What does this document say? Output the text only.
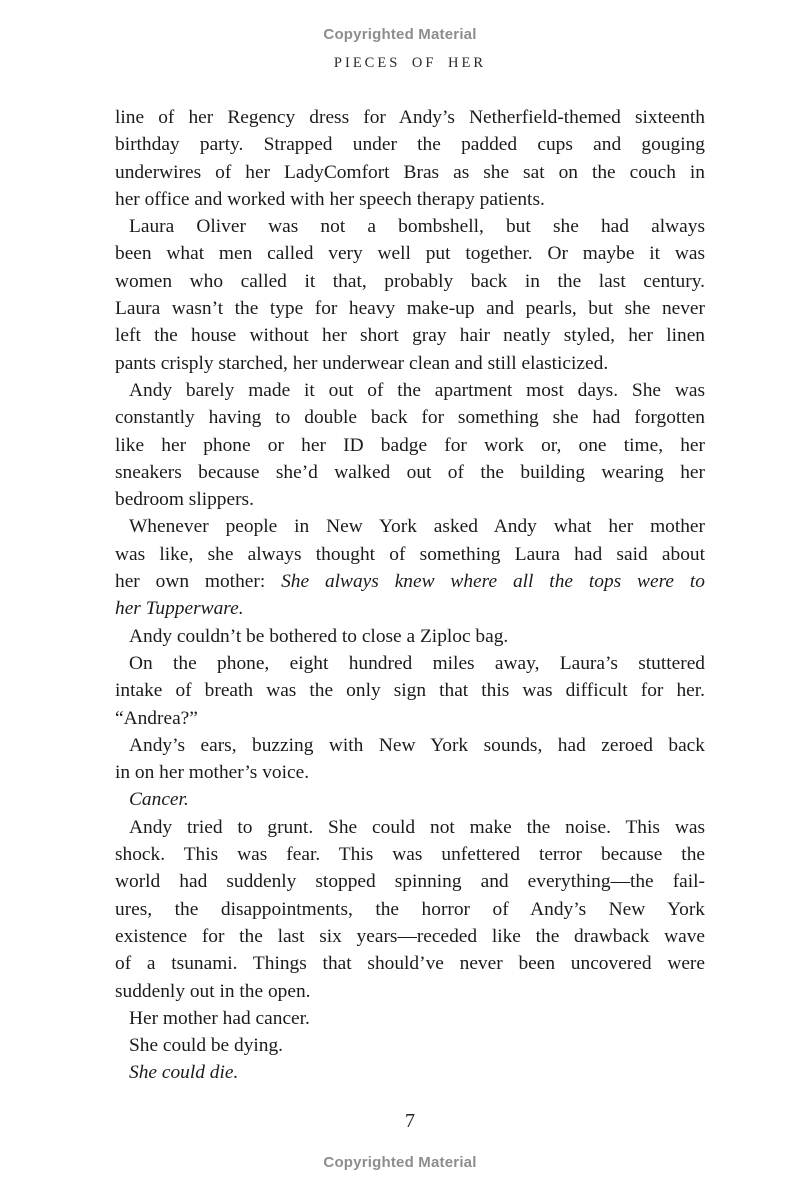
Copyrighted Material
PIECES OF HER
line of her Regency dress for Andy’s Netherfield-themed sixteenth
birthday party. Strapped under the padded cups and gouging
underwires of her LadyComfort Bras as she sat on the couch in
her office and worked with her speech therapy patients.
Laura Oliver was not a bombshell, but she had always
been what men called very well put together. Or maybe it was
women who called it that, probably back in the last century.
Laura wasn’t the type for heavy make-up and pearls, but she never
left the house without her short gray hair neatly styled, her linen
pants crisply starched, her underwear clean and still elasticized.
Andy barely made it out of the apartment most days. She was
constantly having to double back for something she had forgotten
like her phone or her ID badge for work or, one time, her
sneakers because she’d walked out of the building wearing her
bedroom slippers.
Whenever people in New York asked Andy what her mother
was like, she always thought of something Laura had said about
her own mother: She always knew where all the tops were to
her Tupperware.
Andy couldn’t be bothered to close a Ziploc bag.
On the phone, eight hundred miles away, Laura’s stuttered
intake of breath was the only sign that this was difficult for her.
“Andrea?”
Andy’s ears, buzzing with New York sounds, had zeroed back
in on her mother’s voice.
Cancer.
Andy tried to grunt. She could not make the noise. This was
shock. This was fear. This was unfettered terror because the
world had suddenly stopped spinning and everything—the fail-
ures, the disappointments, the horror of Andy’s New York
existence for the last six years—receded like the drawback wave
of a tsunami. Things that should’ve never been uncovered were
suddenly out in the open.
Her mother had cancer.
She could be dying.
She could die.
7
Copyrighted Material
